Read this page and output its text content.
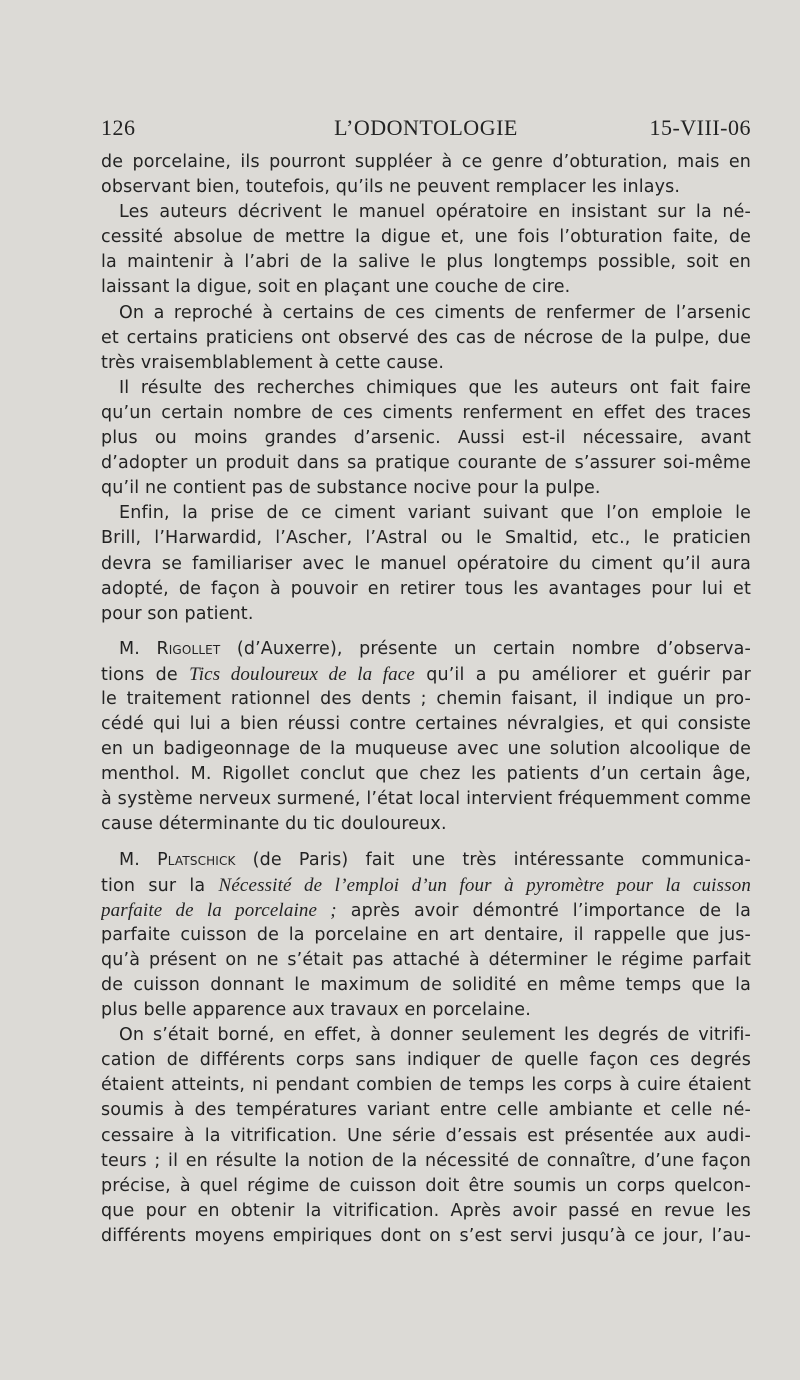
126	L’ODONTOLOGIE	15-VIII-06
de porcelaine, ils pourront suppléer à ce genre d’obturation, mais en
observant bien, toutefois, qu’ils ne peuvent remplacer les inlays.
Les auteurs décrivent le manuel opératoire en insistant sur la né-
cessité absolue de mettre la digue et, une fois l’obturation faite, de
la maintenir à l’abri de la salive le plus longtemps possible, soit en
laissant la digue, soit en plaçant une couche de cire.
On a reproché à certains de ces ciments de renfermer de l’arsenic
et certains praticiens ont observé des cas de nécrose de la pulpe, due
très vraisemblablement à cette cause.
Il résulte des recherches chimiques que les auteurs ont fait faire
qu’un certain nombre de ces ciments renferment en effet des traces
plus ou moins grandes d’arsenic. Aussi est-il nécessaire, avant
d’adopter un produit dans sa pratique courante de s’assurer soi-même
qu’il ne contient pas de substance nocive pour la pulpe.
Enfin, la prise de ce ciment variant suivant que l’on emploie le
Brill, l’Harwardid, l’Ascher, l’Astral ou le Smaltid, etc., le praticien
devra se familiariser avec le manuel opératoire du ciment qu’il aura
adopté, de façon à pouvoir en retirer tous les avantages pour lui et
pour son patient.
M. Rigollet (d’Auxerre), présente un certain nombre d’observa-
tions de Tics douloureux de la face qu’il a pu améliorer et guérir par
le traitement rationnel des dents ; chemin faisant, il indique un pro-
cédé qui lui a bien réussi contre certaines névralgies, et qui consiste
en un badigeonnage de la muqueuse avec une solution alcoolique de
menthol. M. Rigollet conclut que chez les patients d’un certain âge,
à système nerveux surmené, l’état local intervient fréquemment comme
cause déterminante du tic douloureux.
M. Platschick (de Paris) fait une très intéressante communica-
tion sur la Nécessité de l’emploi d’un four à pyromètre pour la cuisson
parfaite de la porcelaine ; après avoir démontré l’importance de la
parfaite cuisson de la porcelaine en art dentaire, il rappelle que jus-
qu’à présent on ne s’était pas attaché à déterminer le régime parfait
de cuisson donnant le maximum de solidité en même temps que la
plus belle apparence aux travaux en porcelaine.
On s’était borné, en effet, à donner seulement les degrés de vitrifi-
cation de différents corps sans indiquer de quelle façon ces degrés
étaient atteints, ni pendant combien de temps les corps à cuire étaient
soumis à des températures variant entre celle ambiante et celle né-
cessaire à la vitrification. Une série d’essais est présentée aux audi-
teurs ; il en résulte la notion de la nécessité de connaître, d’une façon
précise, à quel régime de cuisson doit être soumis un corps quelcon-
que pour en obtenir la vitrification. Après avoir passé en revue les
différents moyens empiriques dont on s’est servi jusqu’à ce jour, l’au-
